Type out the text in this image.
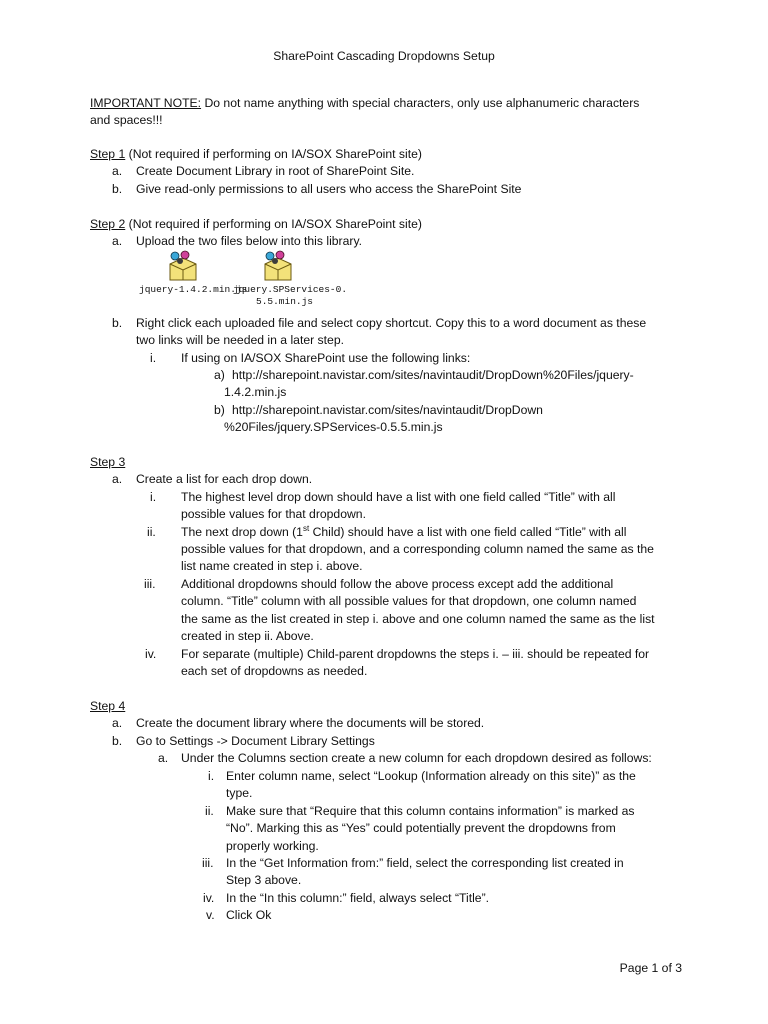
SharePoint Cascading Dropdowns Setup
IMPORTANT NOTE: Do not name anything with special characters, only use alphanumeric characters
and spaces!!!
Step 1 (Not required if performing on IA/SOX SharePoint site)
a. Create Document Library in root of SharePoint Site.
b. Give read-only permissions to all users who access the SharePoint Site
Step 2 (Not required if performing on IA/SOX SharePoint site)
a. Upload the two files below into this library.
jquery-1.4.2.min.js
jquery.SPServices-0.
5.5.min.js
b. Right click each uploaded file and select copy shortcut. Copy this to a word document as these
two links will be needed in a later step.
i. If using on IA/SOX SharePoint use the following links:
a) http://sharepoint.navistar.com/sites/navintaudit/DropDown%20Files/jquery-
1.4.2.min.js
b) http://sharepoint.navistar.com/sites/navintaudit/DropDown
%20Files/jquery.SPServices-0.5.5.min.js
Step 3
a. Create a list for each drop down.
i. The highest level drop down should have a list with one field called “Title” with all
possible values for that dropdown.
ii. The next drop down (1st Child) should have a list with one field called “Title” with all
possible values for that dropdown, and a corresponding column named the same as the
list name created in step i. above.
iii. Additional dropdowns should follow the above process except add the additional
column. “Title” column with all possible values for that dropdown, one column named
the same as the list created in step i. above and one column named the same as the list
created in step ii. Above.
iv. For separate (multiple) Child-parent dropdowns the steps i. – iii. should be repeated for
each set of dropdowns as needed.
Step 4
a. Create the document library where the documents will be stored.
b. Go to Settings -> Document Library Settings
a. Under the Columns section create a new column for each dropdown desired as follows:
i. Enter column name, select “Lookup (Information already on this site)” as the
type.
ii. Make sure that “Require that this column contains information” is marked as
“No”. Marking this as “Yes” could potentially prevent the dropdowns from
properly working.
iii. In the “Get Information from:” field, select the corresponding list created in
Step 3 above.
iv. In the “In this column:” field, always select “Title”.
v. Click Ok
Page 1 of 3
